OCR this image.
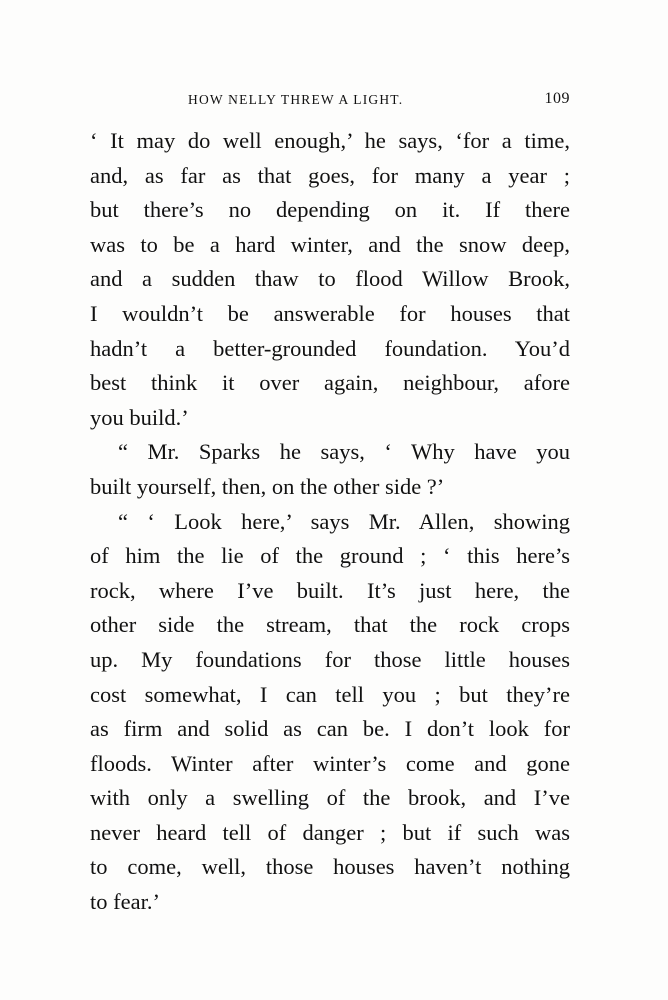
HOW NELLY THREW A LIGHT.	109
‘ It may do well enough,’ he says, ‘for a time,
and, as far as that goes, for many a year ;
but there’s no depending on it. If there
was to be a hard winter, and the snow deep,
and a sudden thaw to flood Willow Brook,
I wouldn’t be answerable for houses that
hadn’t a better-grounded foundation. You’d
best think it over again, neighbour, afore
you build.’
“ Mr. Sparks he says, ‘ Why have you
built yourself, then, on the other side ?’
“ ‘ Look here,’ says Mr. Allen, showing
of him the lie of the ground ; ‘ this here’s
rock, where I’ve built. It’s just here, the
other side the stream, that the rock crops
up. My foundations for those little houses
cost somewhat, I can tell you ; but they’re
as firm and solid as can be. I don’t look for
floods. Winter after winter’s come and gone
with only a swelling of the brook, and I’ve
never heard tell of danger ; but if such was
to come, well, those houses haven’t nothing
to fear.’
